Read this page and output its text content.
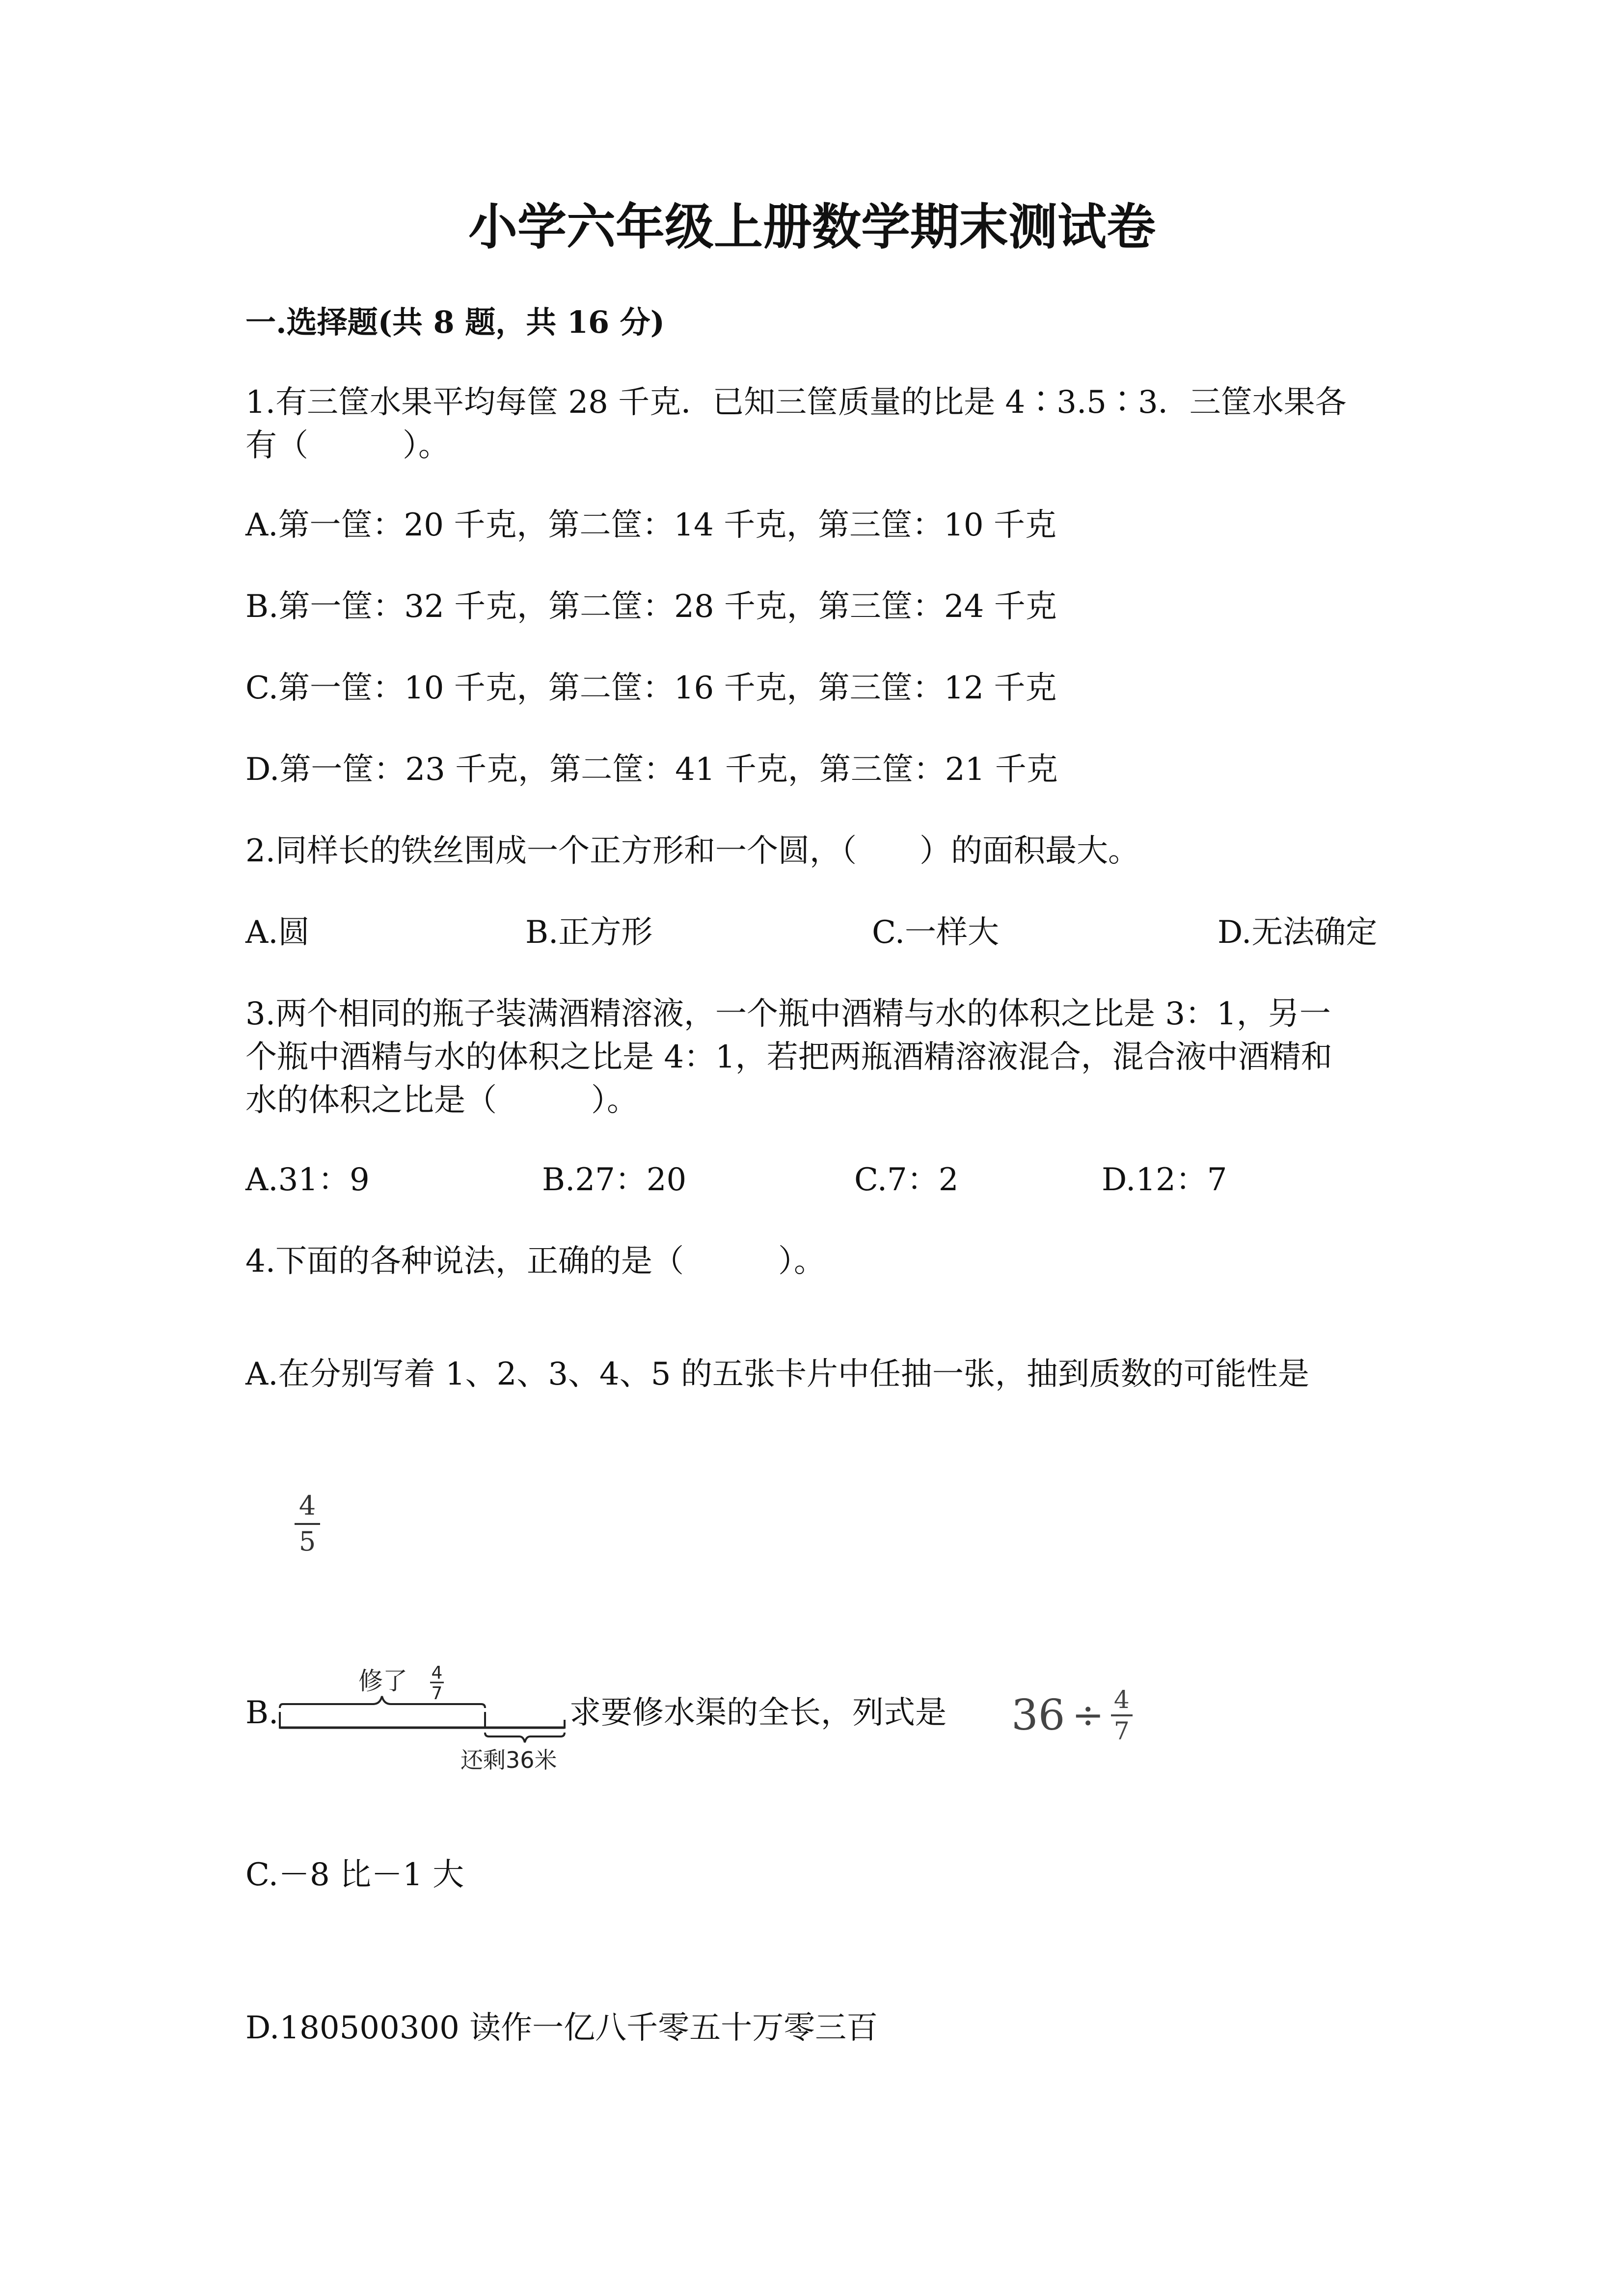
小学六年级上册数学期末测试卷
一.选择题(共 8 题，共 16 分)
1.有三筐水果平均每筐 28 千克．已知三筐质量的比是 4∶3.5∶3．三筐水果各
有（　　　）。
A.第一筐：20 千克，第二筐：14 千克，第三筐：10 千克
B.第一筐：32 千克，第二筐：28 千克，第三筐：24 千克
C.第一筐：10 千克，第二筐：16 千克，第三筐：12 千克
D.第一筐：23 千克，第二筐：41 千克，第三筐：21 千克
2.同样长的铁丝围成一个正方形和一个圆，（　　）的面积最大。
A.圆	B.正方形	C.一样大	D.无法确定
3.两个相同的瓶子装满酒精溶液，一个瓶中酒精与水的体积之比是 3：1，另一
个瓶中酒精与水的体积之比是 4：1，若把两瓶酒精溶液混合，混合液中酒精和
水的体积之比是（　　　）。
A.31：9	B.27：20	C.7：2	D.12：7
4.下面的各种说法，正确的是（　　　）。
A.在分别写着 1、2、3、4、5 的五张卡片中任抽一张，抽到质数的可能性是
4
5
B.
修了 4
7
还剩36米
求要修水渠的全长，列式是 36 ÷ 4
7
C.－8 比－1 大
D.180500300 读作一亿八千零五十万零三百
